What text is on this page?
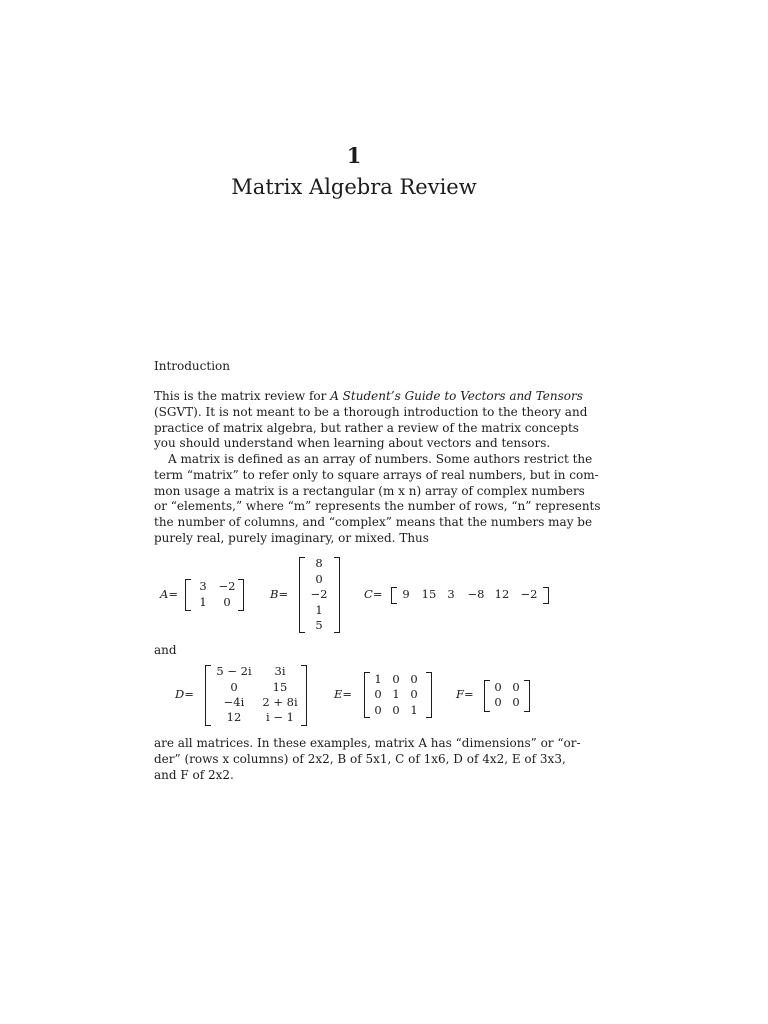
1
Matrix Algebra Review
Introduction
This is the matrix review for A Student’s Guide to Vectors and Tensors
(SGVT). It is not meant to be a thorough introduction to the theory and
practice of matrix algebra, but rather a review of the matrix concepts
you should understand when learning about vectors and tensors.
A matrix is defined as an array of numbers. Some authors restrict the
term “matrix” to refer only to square arrays of real numbers, but in com-
mon usage a matrix is a rectangular (m x n) array of complex numbers
or “elements,” where “m” represents the number of rows, “n” represents
the number of columns, and “complex” means that the numbers may be
purely real, purely imaginary, or mixed. Thus
A=
3	−2
1	0
B=
8
0
−2
1
5
C=	9	15 3 −8 12 −2
and
D=
5 − 2i	3i
0	15
−4i	2 + 8i
12	i − 1
E=
1 0 0
0 1 0
0 0 1
F=	0 0
0 0
are all matrices. In these examples, matrix A has “dimensions” or “or-
der” (rows x columns) of 2x2, B of 5x1, C of 1x6, D of 4x2, E of 3x3,
and F of 2x2.
